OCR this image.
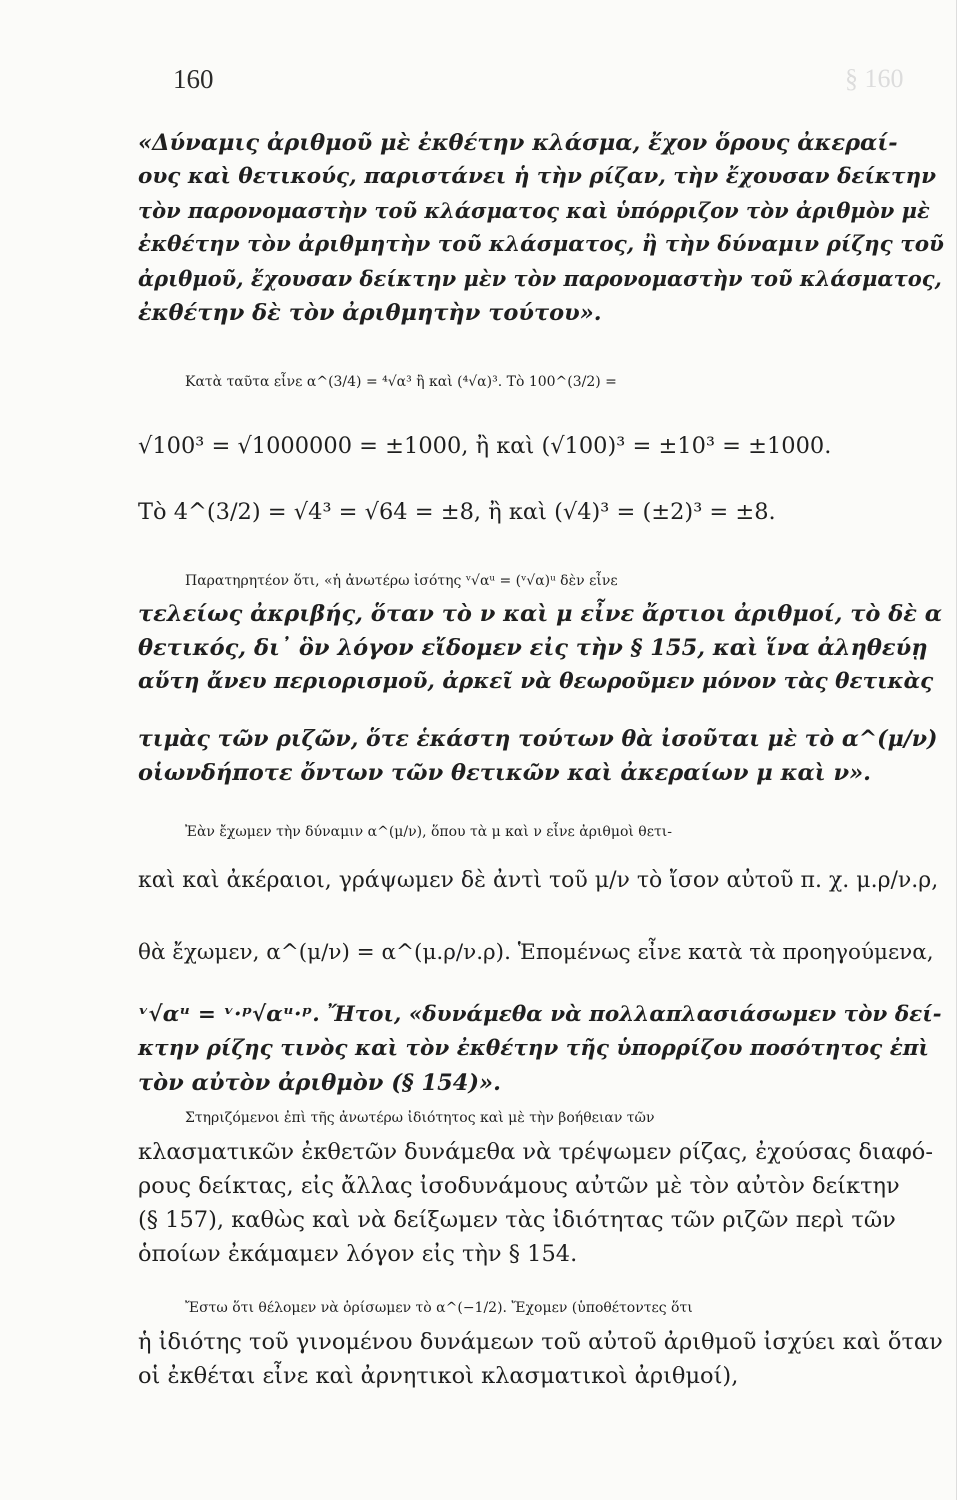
160	§ 160
«Δύναμις ἀριθμοῦ μὲ ἐκθέτην κλάσμα, ἔχον ὅρους ἀκεραί-
ους καὶ θετικούς, παριστάνει ἡ τὴν ρίζαν, τὴν ἔχουσαν δείκτην
τὸν παρονομαστὴν τοῦ κλάσματος καὶ ὑπόρριζον τὸν ἀριθμὸν μὲ
ἐκθέτην τὸν ἀριθμητὴν τοῦ κλάσματος, ἢ τὴν δύναμιν ρίζης τοῦ
ἀριθμοῦ, ἔχουσαν δείκτην μὲν τὸν παρονομαστὴν τοῦ κλάσματος,
ἐκθέτην δὲ τὸν ἀριθμητὴν τούτου».
Κατὰ ταῦτα εἶνε α^(3/4) = ⁴√α³ ἢ καὶ (⁴√α)³. Τὸ 100^(3/2) =
√100³ = √1000000 = ±1000, ἢ καὶ (√100)³ = ±10³ = ±1000.
Τὸ 4^(3/2) = √4³ = √64 = ±8, ἢ καὶ (√4)³ = (±2)³ = ±8.
Παρατηρητέον ὅτι, «ἡ ἀνωτέρω ἰσότης ᵛ√αᵘ = (ᵛ√α)ᵘ δὲν εἶνε
τελείως ἀκριβής, ὅταν τὸ ν καὶ μ εἶνε ἄρτιοι ἀριθμοί, τὸ δὲ α
θετικός, δι᾽ ὃν λόγον εἴδομεν εἰς τὴν § 155, καὶ ἵνα ἀληθεύῃ
αὕτη ἄνευ περιορισμοῦ, ἀρκεῖ νὰ θεωροῦμεν μόνον τὰς θετικὰς
τιμὰς τῶν ριζῶν, ὅτε ἑκάστη τούτων θὰ ἰσοῦται μὲ τὸ α^(μ/ν)
οἱωνδήποτε ὄντων τῶν θετικῶν καὶ ἀκεραίων μ καὶ ν».
Ἐὰν ἔχωμεν τὴν δύναμιν α^(μ/ν), ὅπου τὰ μ καὶ ν εἶνε ἀριθμοὶ θετι-
καὶ καὶ ἀκέραιοι, γράψωμεν δὲ ἀντὶ τοῦ μ/ν τὸ ἴσον αὐτοῦ π. χ. μ.ρ/ν.ρ,
θὰ ἔχωμεν, α^(μ/ν) = α^(μ.ρ/ν.ρ). Ἑπομένως εἶνε κατὰ τὰ προηγούμενα,
ᵛ√αᵘ = ᵛ·ᵖ√αᵘ·ᵖ. Ἤτοι, «δυνάμεθα νὰ πολλαπλασιάσωμεν τὸν δεί-
κτην ρίζης τινὸς καὶ τὸν ἐκθέτην τῆς ὑπορρίζου ποσότητος ἐπὶ
τὸν αὐτὸν ἀριθμὸν (§ 154)».
Στηριζόμενοι ἐπὶ τῆς ἀνωτέρω ἰδιότητος καὶ μὲ τὴν βοήθειαν τῶν
κλασματικῶν ἐκθετῶν δυνάμεθα νὰ τρέψωμεν ρίζας, ἐχούσας διαφό-
ρους δείκτας, εἰς ἄλλας ἰσοδυνάμους αὐτῶν μὲ τὸν αὐτὸν δείκτην
(§ 157), καθὼς καὶ νὰ δείξωμεν τὰς ἰδιότητας τῶν ριζῶν περὶ τῶν
ὁποίων ἐκάμαμεν λόγον εἰς τὴν § 154.
Ἔστω ὅτι θέλομεν νὰ ὁρίσωμεν τὸ α^(−1/2). Ἔχομεν (ὑποθέτοντες ὅτι
ἡ ἰδιότης τοῦ γινομένου δυνάμεων τοῦ αὐτοῦ ἀριθμοῦ ἰσχύει καὶ ὅταν
οἱ ἐκθέται εἶνε καὶ ἀρνητικοὶ κλασματικοὶ ἀριθμοί),
